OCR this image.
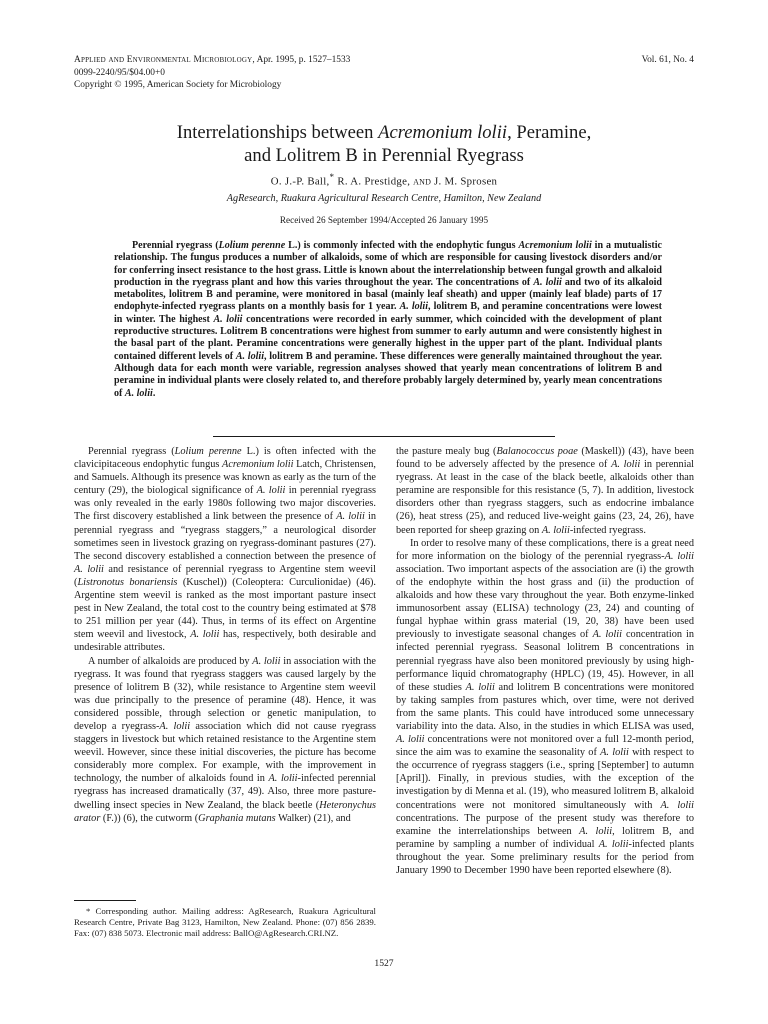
Applied and Environmental Microbiology, Apr. 1995, p. 1527–1533
0099-2240/95/$04.00+0
Copyright © 1995, American Society for Microbiology
Vol. 61, No. 4
Interrelationships between Acremonium lolii, Peramine,
and Lolitrem B in Perennial Ryegrass
O. J.-P. Ball,* R. A. Prestidge, and J. M. Sprosen
AgResearch, Ruakura Agricultural Research Centre, Hamilton, New Zealand
Received 26 September 1994/Accepted 26 January 1995
Perennial ryegrass (Lolium perenne L.) is commonly infected with the endophytic fungus Acremonium lolii in a mutualistic relationship. The fungus produces a number of alkaloids, some of which are responsible for causing livestock disorders and/or for conferring insect resistance to the host grass. Little is known about the interrelationship between fungal growth and alkaloid production in the ryegrass plant and how this varies throughout the year. The concentrations of A. lolii and two of its alkaloid metabolites, lolitrem B and peramine, were monitored in basal (mainly leaf sheath) and upper (mainly leaf blade) parts of 17 endophyte-infected ryegrass plants on a monthly basis for 1 year. A. lolii, lolitrem B, and peramine concentrations were lowest in winter. The highest A. lolii concentrations were recorded in early summer, which coincided with the development of plant reproductive structures. Lolitrem B concentrations were highest from summer to early autumn and were consistently highest in the basal part of the plant. Peramine concentrations were generally highest in the upper part of the plant. Individual plants contained different levels of A. lolii, lolitrem B and peramine. These differences were generally maintained throughout the year. Although data for each month were variable, regression analyses showed that yearly mean concentrations of lolitrem B and peramine in individual plants were closely related to, and therefore probably largely determined by, yearly mean concentrations of A. lolii.

Perennial ryegrass (Lolium perenne L.) is often infected with the clavicipitaceous endophytic fungus Acremonium lolii Latch, Christensen, and Samuels. Although its presence was known as early as the turn of the century (29), the biological significance of A. lolii in perennial ryegrass was only revealed in the early 1980s following two major discoveries. The first discovery established a link between the presence of A. lolii in perennial ryegrass and “ryegrass staggers,” a neurological disorder sometimes seen in livestock grazing on ryegrass-dominant pastures (27). The second discovery established a connection between the presence of A. lolii and resistance of perennial ryegrass to Argentine stem weevil (Listronotus bonariensis (Kuschel)) (Coleoptera: Curculionidae) (46). Argentine stem weevil is ranked as the most important pasture insect pest in New Zealand, the total cost to the country being estimated at $78 to 251 million per year (44). Thus, in terms of its effect on Argentine stem weevil and livestock, A. lolii has, respectively, both desirable and undesirable attributes.

A number of alkaloids are produced by A. lolii in association with the ryegrass. It was found that ryegrass staggers was caused largely by the presence of lolitrem B (32), while resistance to Argentine stem weevil was due principally to the presence of peramine (48). Hence, it was considered possible, through selection or genetic manipulation, to develop a ryegrass-A. lolii association which did not cause ryegrass staggers in livestock but which retained resistance to the Argentine stem weevil. However, since these initial discoveries, the picture has become considerably more complex. For example, with the improvement in technology, the number of alkaloids found in A. lolii-infected perennial ryegrass has increased dramatically (37, 49). Also, three more pasture-dwelling insect species in New Zealand, the black beetle (Heteronychus arator (F.)) (6), the cutworm (Graphania mutans Walker) (21), and

the pasture mealy bug (Balanococcus poae (Maskell)) (43), have been found to be adversely affected by the presence of A. lolii in perennial ryegrass. At least in the case of the black beetle, alkaloids other than peramine are responsible for this resistance (5, 7). In addition, livestock disorders other than ryegrass staggers, such as endocrine imbalance (26), heat stress (25), and reduced live-weight gains (23, 24, 26), have been reported for sheep grazing on A. lolii-infected ryegrass.

In order to resolve many of these complications, there is a great need for more information on the biology of the perennial ryegrass-A. lolii association. Two important aspects of the association are (i) the growth of the endophyte within the host grass and (ii) the production of alkaloids and how these vary throughout the year. Both enzyme-linked immunosorbent assay (ELISA) technology (23, 24) and counting of fungal hyphae within grass material (19, 20, 38) have been used previously to investigate seasonal changes of A. lolii concentration in infected perennial ryegrass. Seasonal lolitrem B concentrations in perennial ryegrass have also been monitored previously by using high-performance liquid chromatography (HPLC) (19, 45). However, in all of these studies A. lolii and lolitrem B concentrations were monitored by taking samples from pastures which, over time, were not derived from the same plants. This could have introduced some unnecessary variability into the data. Also, in the studies in which ELISA was used, A. lolii concentrations were not monitored over a full 12-month period, since the aim was to examine the seasonality of A. lolii with respect to the occurrence of ryegrass staggers (i.e., spring [September] to autumn [April]). Finally, in previous studies, with the exception of the investigation by di Menna et al. (19), who measured lolitrem B, alkaloid concentrations were not monitored simultaneously with A. lolii concentrations. The purpose of the present study was therefore to examine the interrelationships between A. lolii, lolitrem B, and peramine by sampling a number of individual A. lolii-infected plants throughout the year. Some preliminary results for the period from January 1990 to December 1990 have been reported elsewhere (8).

* Corresponding author. Mailing address: AgResearch, Ruakura Agricultural Research Centre, Private Bag 3123, Hamilton, New Zealand. Phone: (07) 856 2839. Fax: (07) 838 5073. Electronic mail address: BallO@AgResearch.CRI.NZ.
1527
